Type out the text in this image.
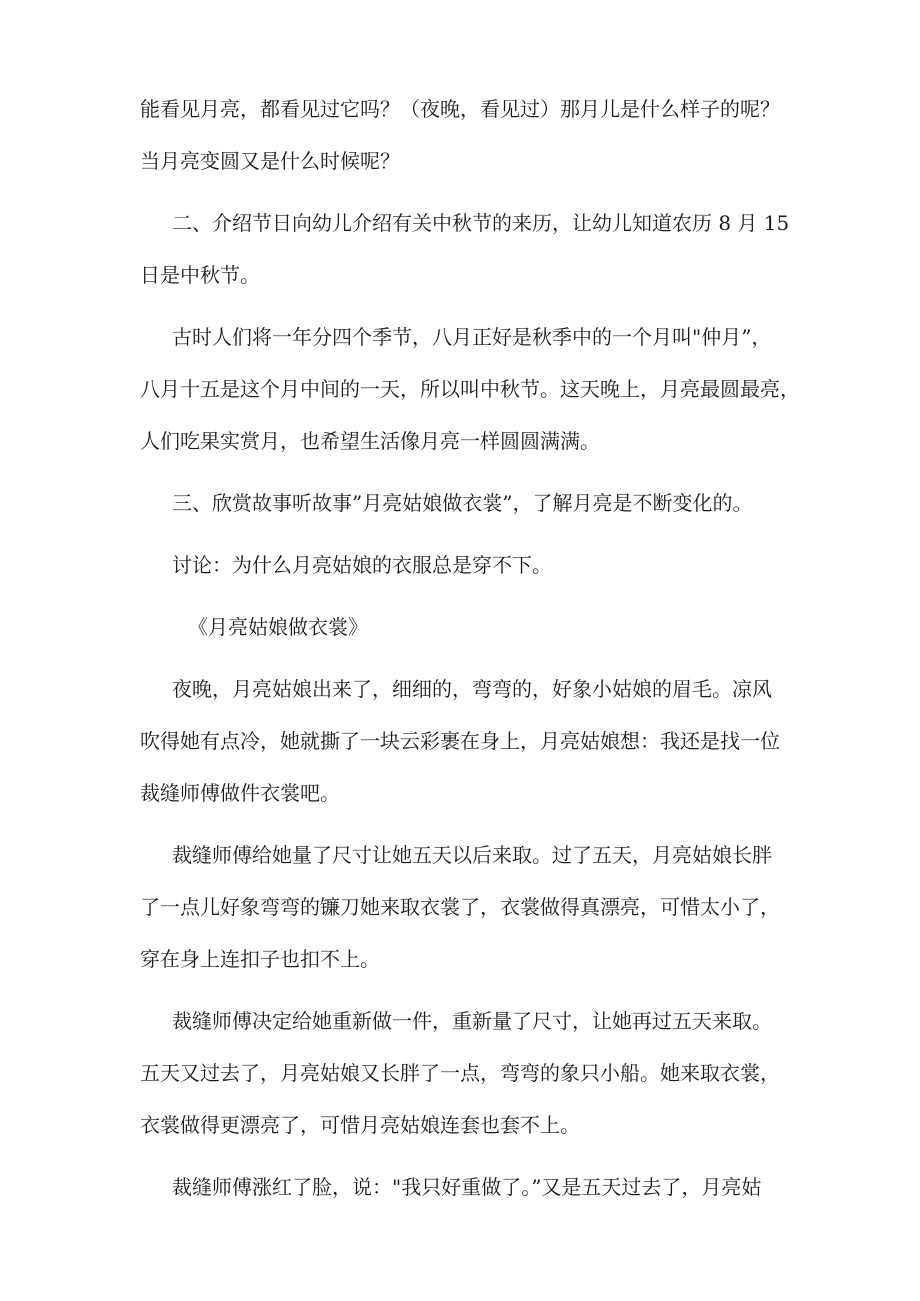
能看见月亮，都看见过它吗？（夜晚，看见过）那月儿是什么样子的呢？
当月亮变圆又是什么时候呢？
二、介绍节日向幼儿介绍有关中秋节的来历，让幼儿知道农历 8 月 15
日是中秋节。
古时人们将一年分四个季节，八月正好是秋季中的一个月叫"仲月”，
八月十五是这个月中间的一天，所以叫中秋节。这天晚上，月亮最圆最亮，
人们吃果实赏月，也希望生活像月亮一样圆圆满满。
三、欣赏故事听故事”月亮姑娘做衣裳”，了解月亮是不断变化的。
讨论：为什么月亮姑娘的衣服总是穿不下。
《月亮姑娘做衣裳》
夜晚，月亮姑娘出来了，细细的，弯弯的，好象小姑娘的眉毛。凉风
吹得她有点冷，她就撕了一块云彩裹在身上，月亮姑娘想：我还是找一位
裁缝师傅做件衣裳吧。
裁缝师傅给她量了尺寸让她五天以后来取。过了五天，月亮姑娘长胖
了一点儿好象弯弯的镰刀她来取衣裳了，衣裳做得真漂亮，可惜太小了，
穿在身上连扣子也扣不上。
裁缝师傅决定给她重新做一件，重新量了尺寸，让她再过五天来取。
五天又过去了，月亮姑娘又长胖了一点，弯弯的象只小船。她来取衣裳，
衣裳做得更漂亮了，可惜月亮姑娘连套也套不上。
裁缝师傅涨红了脸，说："我只好重做了。”又是五天过去了，月亮姑
